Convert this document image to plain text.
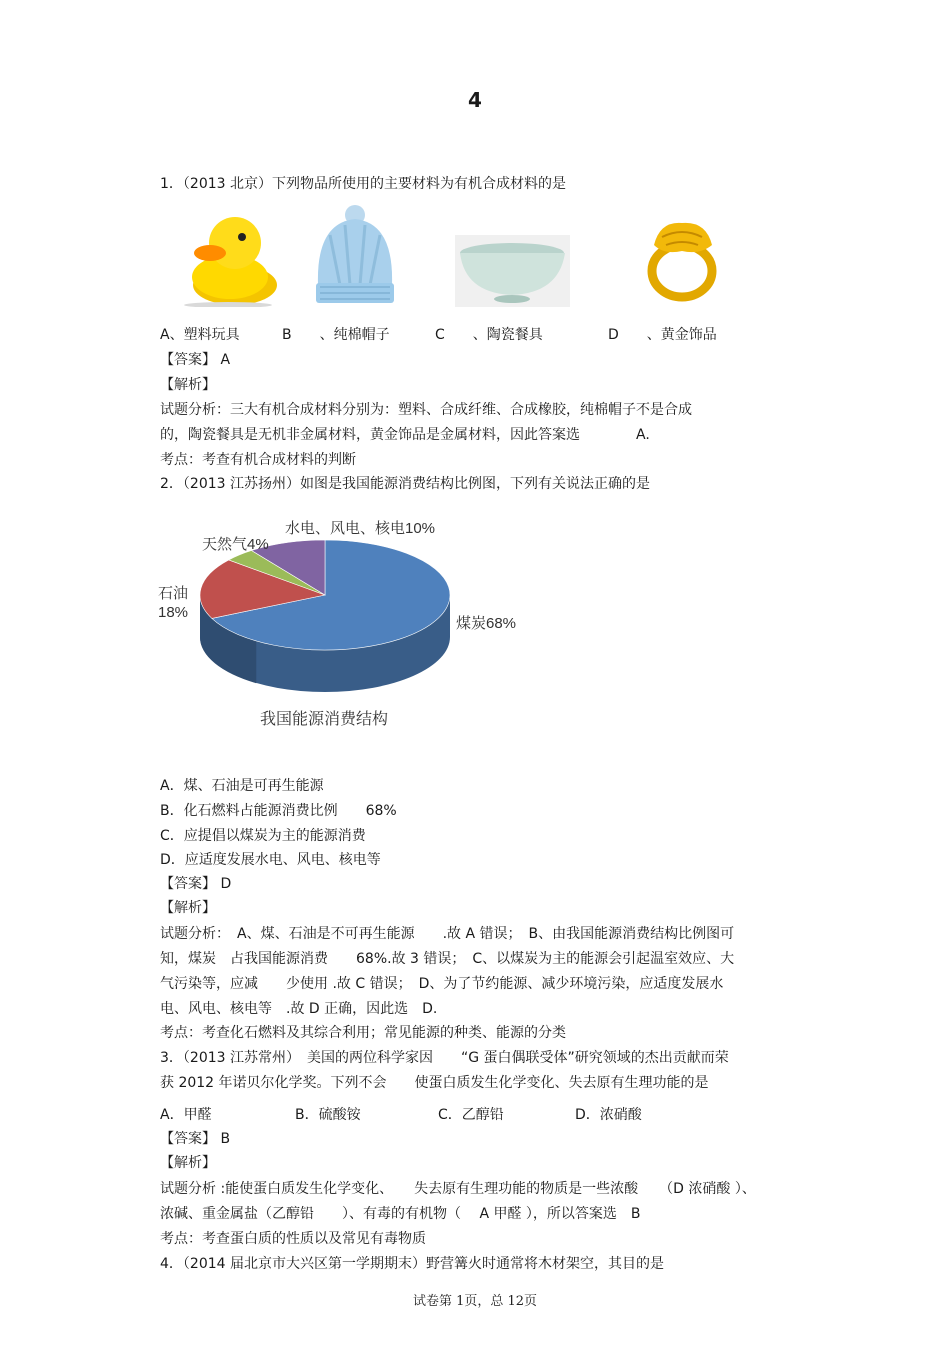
4
1．（2013 北京）下列物品所使用的主要材料为有机合成材料的是
A、塑料玩具	B　　、纯棉帽子	C　　、陶瓷餐具	D　　、黄金饰品
【答案】 A
【解析】
试题分析：三大有机合成材料分别为：塑料、合成纤维、合成橡胶，纯棉帽子不是合成
的，陶瓷餐具是无机非金属材料，黄金饰品是金属材料，因此答案选　　　　A.
考点：考查有机合成材料的判断
2．（2013 江苏扬州）如图是我国能源消费结构比例图，下列有关说法正确的是
我国能源消费结构
煤炭68%
石油 18%
天然气4%
水电、风电、核电10%
A．煤、石油是可再生能源
B．化石燃料占能源消费比例　　68%
C．应提倡以煤炭为主的能源消费
D．应适度发展水电、风电、核电等
【答案】 D
【解析】
试题分析：　A、煤、石油是不可再生能源　　.故 A 错误；　B、由我国能源消费结构比例图可
知，煤炭　占我国能源消费　　68%.故 3 错误；　C、以煤炭为主的能源会引起温室效应、大
气污染等，应减　　少使用 .故 C 错误；　D、为了节约能源、减少环境污染，应适度发展水
电、风电、核电等　.故 D 正确，因此选　D.
考点：考查化石燃料及其综合利用；常见能源的种类、能源的分类
3．（2013 江苏常州）　美国的两位科学家因　　“G 蛋白偶联受体”研究领域的杰出贡献而荣
获 2012 年诺贝尔化学奖。下列不会　　使蛋白质发生化学变化、失去原有生理功能的是
A．甲醛	B．硫酸铵	C．乙醇铅	D．浓硝酸
【答案】 B
【解析】
试题分析 :能使蛋白质发生化学变化、　　失去原有生理功能的物质是一些浓酸　　（D 浓硝酸 ）、
浓碱、重金属盐（乙醇铅　　）、有毒的有机物（　 A 甲醛 ），所以答案选　B
考点：考查蛋白质的性质以及常见有毒物质
4．（2014 届北京市大兴区第一学期期末）野营篝火时通常将木材架空，其目的是
试卷第 1页，总 12页
